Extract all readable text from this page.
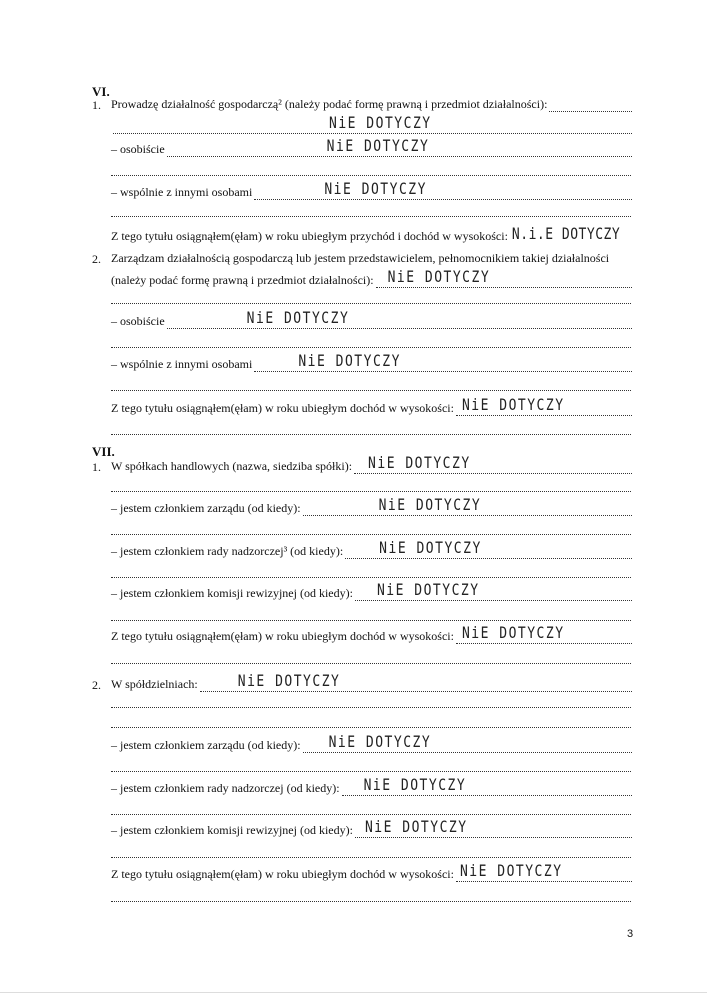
VI.
1. Prowadzę działalność gospodarczą² (należy podać formę prawną i przedmiot działalności):
NiE DOTYCZY
– osobiście	NiE DOTYCZY
– wspólnie z innymi osobami	NiE DOTYCZY
Z tego tytułu osiągnąłem(ęłam) w roku ubiegłym przychód i dochód w wysokości: N.i.E DOTYCZY
2. Zarządzam działalnością gospodarczą lub jestem przedstawicielem, pełnomocnikiem takiej działalności
(należy podać formę prawną i przedmiot działalności): NiE DOTYCZY
– osobiście	NiE DOTYCZY
– wspólnie z innymi osobami	NiE DOTYCZY
Z tego tytułu osiągnąłem(ęłam) w roku ubiegłym dochód w wysokości: NiE DOTYCZY
VII.
1. W spółkach handlowych (nazwa, siedziba spółki): NiE DOTYCZY
– jestem członkiem zarządu (od kiedy):	NiE DOTYCZY
– jestem członkiem rady nadzorczej³ (od kiedy):	NiE DOTYCZY
– jestem członkiem komisji rewizyjnej (od kiedy): NiE DOTYCZY
Z tego tytułu osiągnąłem(ęłam) w roku ubiegłym dochód w wysokości: NiE DOTYCZY
2. W spółdzielniach:	NiE DOTYCZY
– jestem członkiem zarządu (od kiedy): NiE DOTYCZY
– jestem członkiem rady nadzorczej (od kiedy): NiE DOTYCZY
– jestem członkiem komisji rewizyjnej (od kiedy): NiE DOTYCZY
Z tego tytułu osiągnąłem(ęłam) w roku ubiegłym dochód w wysokości: NiE DOTYCZY
3
